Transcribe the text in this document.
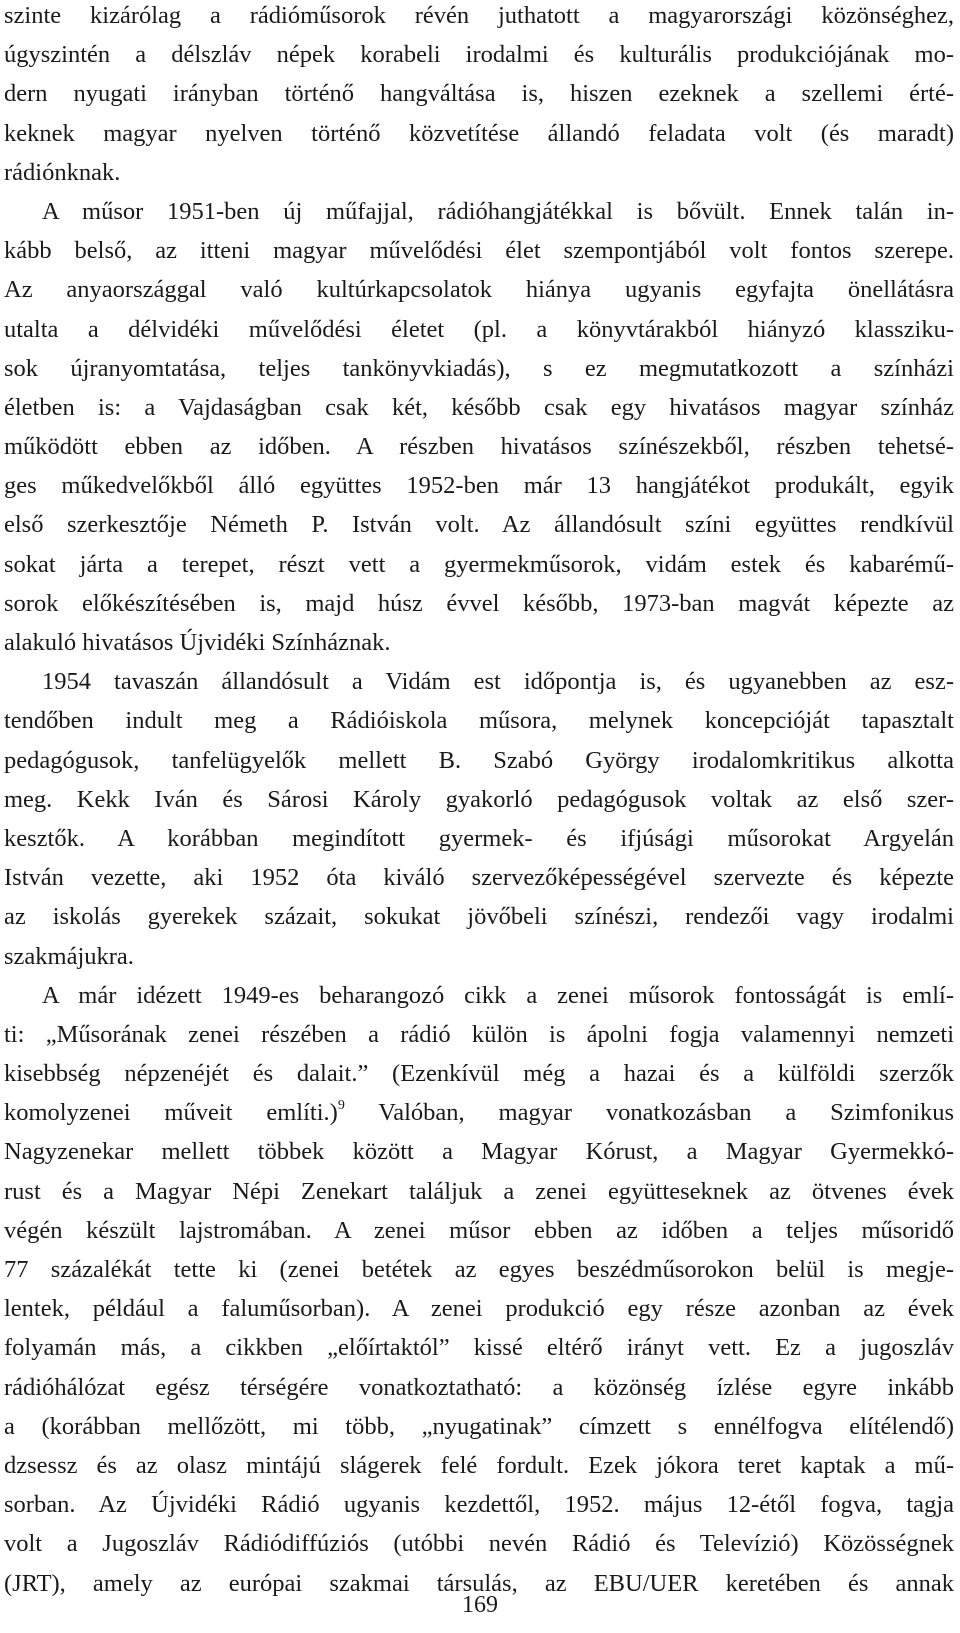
szinte kizárólag a rádióműsorok révén juthatott a magyarországi közönséghez,
úgyszintén a délszláv népek korabeli irodalmi és kulturális produkciójának mo-
dern nyugati irányban történő hangváltása is, hiszen ezeknek a szellemi érté-
keknek magyar nyelven történő közvetítése állandó feladata volt (és maradt)
rádiónknak.
A műsor 1951-ben új műfajjal, rádióhangjátékkal is bővült. Ennek talán in-
kább belső, az itteni magyar művelődési élet szempontjából volt fontos szerepe.
Az anyaországgal való kultúrkapcsolatok hiánya ugyanis egyfajta önellátásra
utalta a délvidéki művelődési életet (pl. a könyvtárakból hiányzó klassziku-
sok újranyomtatása, teljes tankönyvkiadás), s ez megmutatkozott a színházi
életben is: a Vajdaságban csak két, később csak egy hivatásos magyar színház
működött ebben az időben. A részben hivatásos színészekből, részben tehetsé-
ges műkedvelőkből álló együttes 1952-ben már 13 hangjátékot produkált, egyik
első szerkesztője Németh P. István volt. Az állandósult színi együttes rendkívül
sokat járta a terepet, részt vett a gyermekműsorok, vidám estek és kabarémű-
sorok előkészítésében is, majd húsz évvel később, 1973-ban magvát képezte az
alakuló hivatásos Újvidéki Színháznak.
1954 tavaszán állandósult a Vidám est időpontja is, és ugyanebben az esz-
tendőben indult meg a Rádióiskola műsora, melynek koncepcióját tapasztalt
pedagógusok, tanfelügyelők mellett B. Szabó György irodalomkritikus alkotta
meg. Kekk Iván és Sárosi Károly gyakorló pedagógusok voltak az első szer-
kesztők. A korábban megindított gyermek- és ifjúsági műsorokat Argyelán
István vezette, aki 1952 óta kiváló szervezőképességével szervezte és képezte
az iskolás gyerekek százait, sokukat jövőbeli színészi, rendezői vagy irodalmi
szakmájukra.
A már idézett 1949-es beharangozó cikk a zenei műsorok fontosságát is emlí-
ti: „Műsorának zenei részében a rádió külön is ápolni fogja valamennyi nemzeti
kisebbség népzenéjét és dalait.” (Ezenkívül még a hazai és a külföldi szerzők
komolyzenei műveit említi.)$^9$ Valóban, magyar vonatkozásban a Szimfonikus
Nagyzenekar mellett többek között a Magyar Kórust, a Magyar Gyermekkó-
rust és a Magyar Népi Zenekart találjuk a zenei együtteseknek az ötvenes évek
végén készült lajstromában. A zenei műsor ebben az időben a teljes műsoridő
77 százalékát tette ki (zenei betétek az egyes beszédműsorokon belül is megje-
lentek, például a faluműsorban). A zenei produkció egy része azonban az évek
folyamán más, a cikkben „előírtaktól” kissé eltérő irányt vett. Ez a jugoszláv
rádióhálózat egész térségére vonatkoztatható: a közönség ízlése egyre inkább
a (korábban mellőzött, mi több, „nyugatinak” címzett s ennélfogva elítélendő)
dzsessz és az olasz mintájú slágerek felé fordult. Ezek jókora teret kaptak a mű-
sorban. Az Újvidéki Rádió ugyanis kezdettől, 1952. május 12-étől fogva, tagja
volt a Jugoszláv Rádiódiffúziós (utóbbi nevén Rádió és Televízió) Közösségnek
(JRT), amely az európai szakmai társulás, az EBU/UER keretében és annak
169
